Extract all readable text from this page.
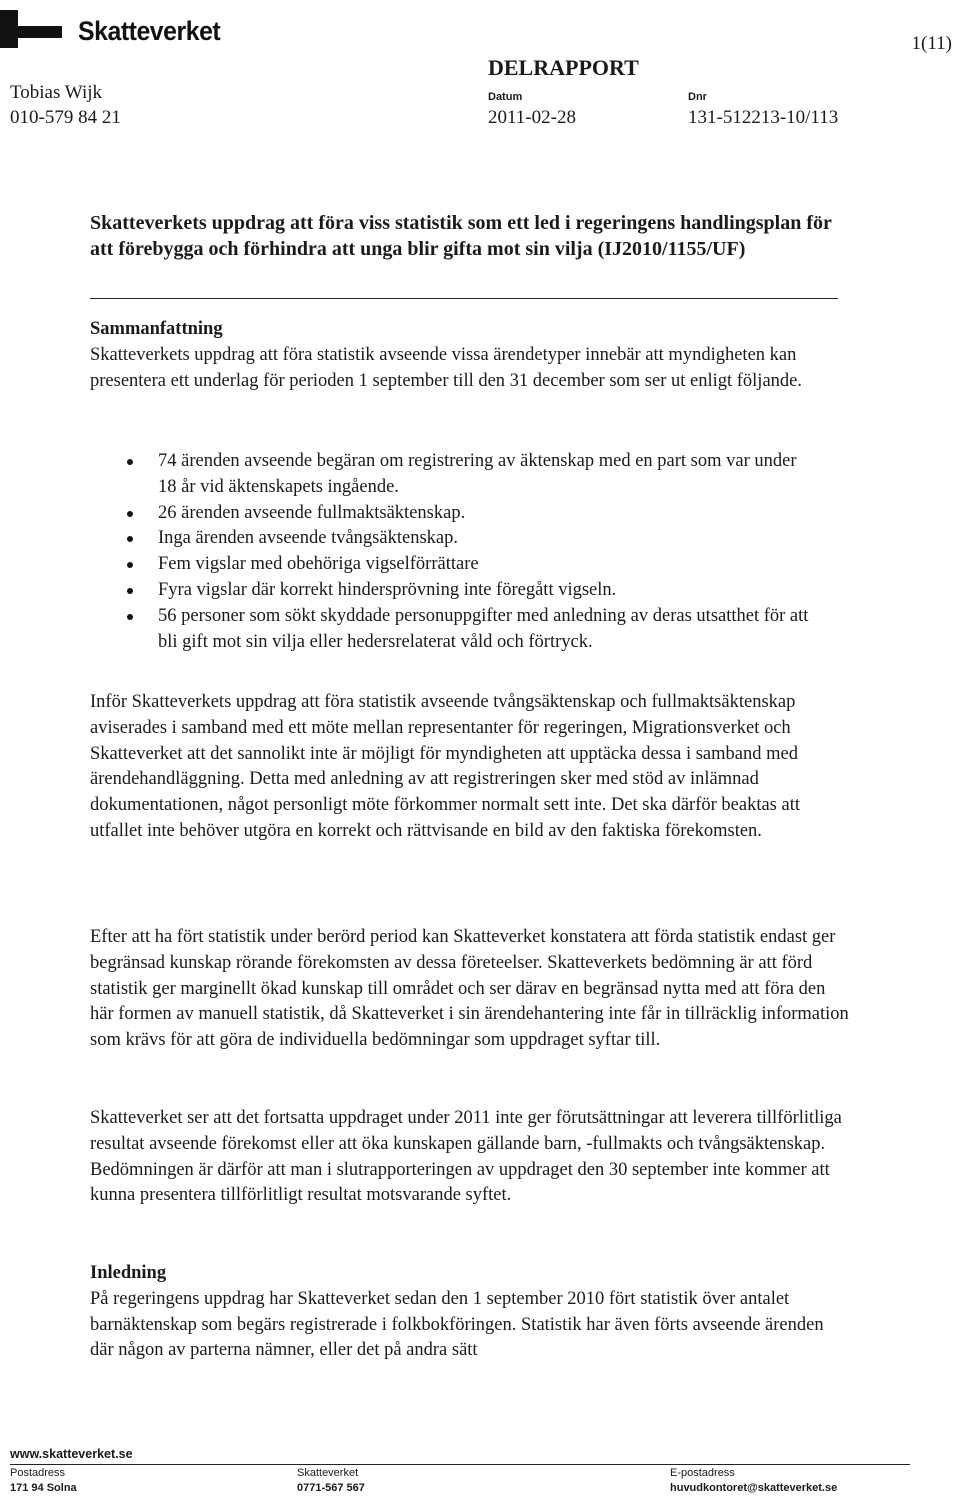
Skatteverket	1(11)
DELRAPPORT
Tobias Wijk
010-579 84 21
Datum
2011-02-28
Dnr
131-512213-10/113
Skatteverkets uppdrag att föra viss statistik som ett led i regeringens handlingsplan för att förebygga och förhindra att unga blir gifta mot sin vilja (IJ2010/1155/UF)
Sammanfattning
Skatteverkets uppdrag att föra statistik avseende vissa ärendetyper innebär att myndigheten kan presentera ett underlag för perioden 1 september till den 31 december som ser ut enligt följande.
74 ärenden avseende begäran om registrering av äktenskap med en part som var under 18 år vid äktenskapets ingående.
26 ärenden avseende fullmaktsäktenskap.
Inga ärenden avseende tvångsäktenskap.
Fem vigslar med obehöriga vigselförrättare
Fyra vigslar där korrekt hindersprövning inte föregått vigseln.
56 personer som sökt skyddade personuppgifter med anledning av deras utsatthet för att bli gift mot sin vilja eller hedersrelaterat våld och förtryck.
Inför Skatteverkets uppdrag att föra statistik avseende tvångsäktenskap och fullmaktsäktenskap aviserades i samband med ett möte mellan representanter för regeringen, Migrationsverket och Skatteverket att det sannolikt inte är möjligt för myndigheten att upptäcka dessa i samband med ärendehandläggning. Detta med anledning av att registreringen sker med stöd av inlämnad dokumentationen, något personligt möte förkommer normalt sett inte. Det ska därför beaktas att utfallet inte behöver utgöra en korrekt och rättvisande en bild av den faktiska förekomsten.
Efter att ha fört statistik under berörd period kan Skatteverket konstatera att förda statistik endast ger begränsad kunskap rörande förekomsten av dessa företeelser. Skatteverkets bedömning är att förd statistik ger marginellt ökad kunskap till området och ser därav en begränsad nytta med att föra den här formen av manuell statistik, då Skatteverket i sin ärendehantering inte får in tillräcklig information som krävs för att göra de individuella bedömningar som uppdraget syftar till.
Skatteverket ser att det fortsatta uppdraget under 2011 inte ger förutsättningar att leverera tillförlitliga resultat avseende förekomst eller att öka kunskapen gällande barn, -fullmakts och tvångsäktenskap. Bedömningen är därför att man i slutrapporteringen av uppdraget den 30 september inte kommer att kunna presentera tillförlitligt resultat motsvarande syftet.
Inledning
På regeringens uppdrag har Skatteverket sedan den 1 september 2010 fört statistik över antalet barnäktenskap som begärs registrerade i folkbokföringen. Statistik har även förts avseende ärenden där någon av parterna nämner, eller det på andra sätt
www.skatteverket.se
Postadress
171 94 Solna
Skatteverket
0771-567 567
E-postadress
huvudkontoret@skatteverket.se
